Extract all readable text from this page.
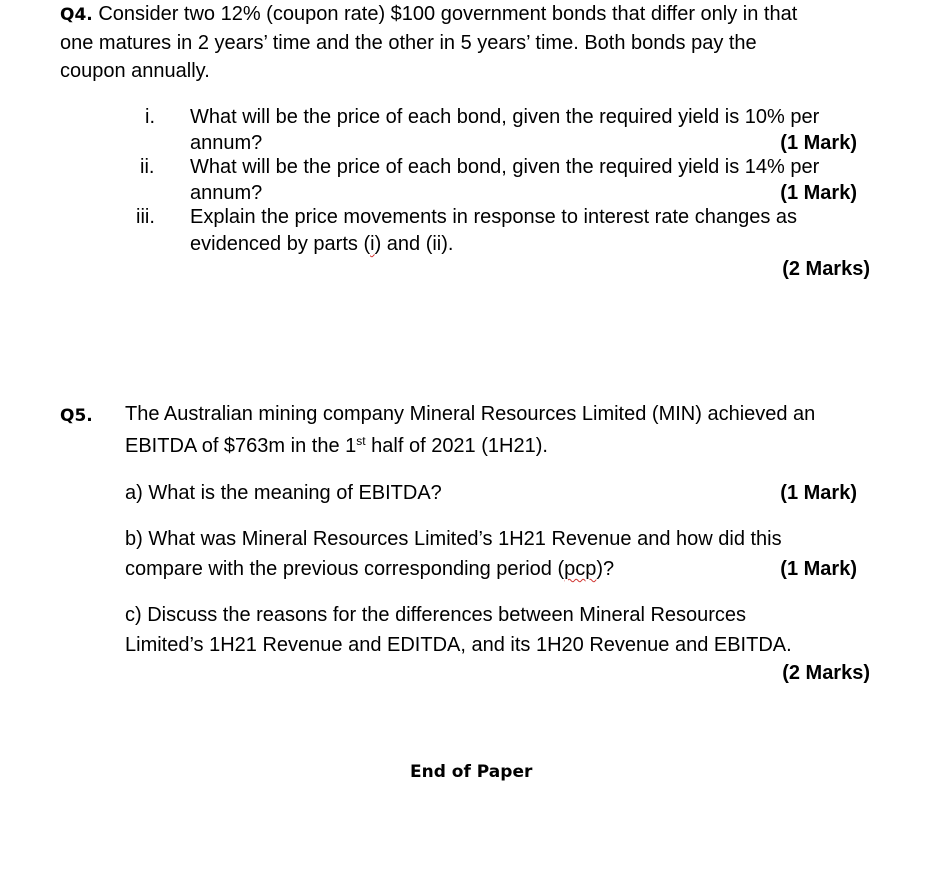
Q4. Consider two 12% (coupon rate) $100 government bonds that differ only in that
one matures in 2 years’ time and the other in 5 years’ time. Both bonds pay the
coupon annually.
i. What will be the price of each bond, given the required yield is 10% per
annum?	(1 Mark)
ii. What will be the price of each bond, given the required yield is 14% per
annum?	(1 Mark)
iii. Explain the price movements in response to interest rate changes as
evidenced by parts (i) and (ii).
(2 Marks)
Q5. The Australian mining company Mineral Resources Limited (MIN) achieved an
EBITDA of $763m in the 1st half of 2021 (1H21).
a) What is the meaning of EBITDA?	(1 Mark)
b) What was Mineral Resources Limited’s 1H21 Revenue and how did this
compare with the previous corresponding period (pcp)?	(1 Mark)
c) Discuss the reasons for the differences between Mineral Resources
Limited’s 1H21 Revenue and EDITDA, and its 1H20 Revenue and EBITDA.
(2 Marks)
End of Paper
